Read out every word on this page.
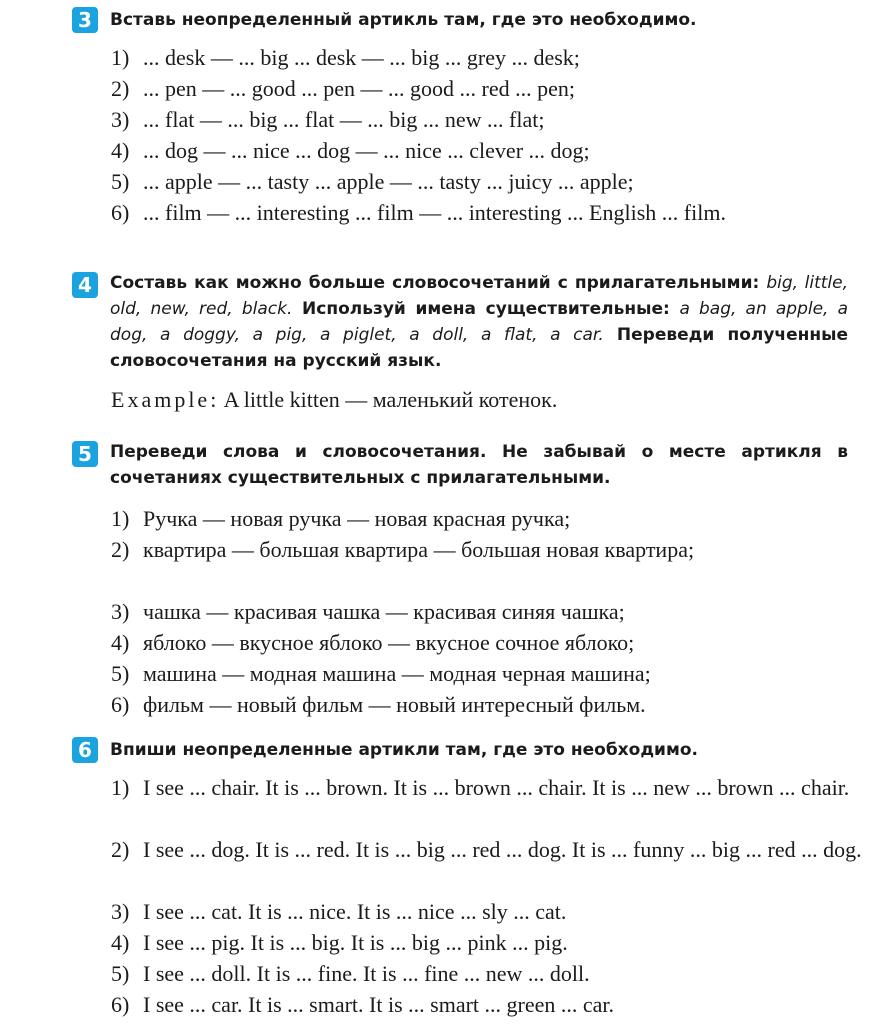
3	Вставь неопределенный артикль там, где это необходимо.
1) ... desk — ... big ... desk — ... big ... grey ... desk;
2) ... pen — ... good ... pen — ... good ... red ... pen;
3) ... flat — ... big ... flat — ... big ... new ... flat;
4) ... dog — ... nice ... dog — ... nice ... clever ... dog;
5) ... apple — ... tasty ... apple — ... tasty ... juicy ... apple;
6) ... film — ... interesting ... film — ... interesting ... English ... film.
4	Составь как можно больше словосочетаний с прилагательными: big, little, old, new, red, black. Используй имена существительные: a bag, an apple, a dog, a doggy, a pig, a piglet, a doll, a flat, a car. Переведи полученные словосочетания на русский язык.
Example: A little kitten — маленький котенок.
5	Переведи слова и словосочетания. Не забывай о месте артикля в сочетаниях существительных с прилагательными.
1) Ручка — новая ручка — новая красная ручка;
2) квартира — большая квартира — большая новая квартира;
3) чашка — красивая чашка — красивая синяя чашка;
4) яблоко — вкусное яблоко — вкусное сочное яблоко;
5) машина — модная машина — модная черная машина;
6) фильм — новый фильм — новый интересный фильм.
6	Впиши неопределенные артикли там, где это необходимо.
1) I see ... chair. It is ... brown. It is ... brown ... chair. It is ... new ... brown ... chair.
2) I see ... dog. It is ... red. It is ... big ... red ... dog. It is ... funny ... big ... red ... dog.
3) I see ... cat. It is ... nice. It is ... nice ... sly ... cat.
4) I see ... pig. It is ... big. It is ... big ... pink ... pig.
5) I see ... doll. It is ... fine. It is ... fine ... new ... doll.
6) I see ... car. It is ... smart. It is ... smart ... green ... car.
